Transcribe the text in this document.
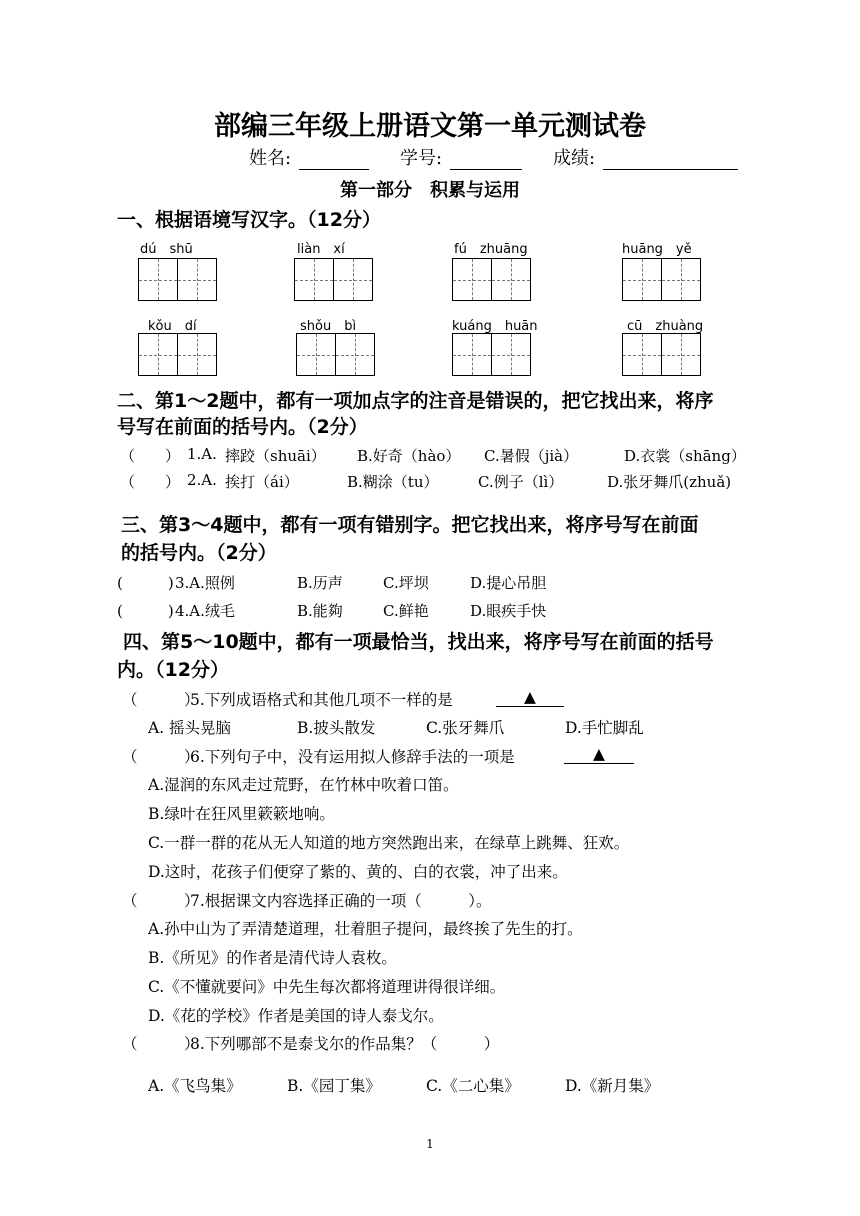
部编三年级上册语文第一单元测试卷
姓名:	学号:	成绩:
第一部分　积累与运用
一、根据语境写汉字。（12分）
dú　shū	liàn　xí	fú　zhuāng	huāng　yě
kǒu　dí	shǒu　bì	kuáng　huān	cū　zhuàng
二、第1～2题中，都有一项加点字的注音是错误的，把它找出来，将序
号写在前面的括号内。（2分）
（　　） 1.A. 摔跤（shuāi） B.好奇（hào） C.暑假（jià）	D.衣裳（shāng）
（　　） 2.A. 挨打（ái）	B.糊涂（tu）	C.例子（lì）	D.张牙舞爪(zhuǎ)
三、第3～4题中，都有一项有错别字。把它找出来，将序号写在前面
的括号内。（2分）
(　　　) 3.A.照例	B.历声	C.坪坝	D.提心吊胆
(　　　) 4.A.绒毛	B.能夠	C.鲜艳	D.眼疾手快
四、第5～10题中，都有一项最恰当，找出来，将序号写在前面的括号
内。（12分）
（　　　）
5.下列成语格式和其他几项不一样的是	▲
A. 摇头晃脑	B.披头散发	C.张牙舞爪	D.手忙脚乱
（　　　）
6.下列句子中，没有运用拟人修辞手法的一项是	▲
A.湿润的东风走过荒野，在竹林中吹着口笛。
B.绿叶在狂风里簌簌地响。
C.一群一群的花从无人知道的地方突然跑出来，在绿草上跳舞、狂欢。
D.这时，花孩子们便穿了紫的、黄的、白的衣裳，冲了出来。
（　　　）
7.根据课文内容选择正确的一项（　　　）。
A.孙中山为了弄清楚道理，壮着胆子提问，最终挨了先生的打。
B.《所见》的作者是清代诗人袁枚。
C.《不懂就要问》中先生每次都将道理讲得很详细。
D.《花的学校》作者是美国的诗人泰戈尔。
（　　　）
8.下列哪部不是泰戈尔的作品集？（　　　）
A.《飞鸟集》	B.《园丁集》	C.《二心集》	D.《新月集》
1
